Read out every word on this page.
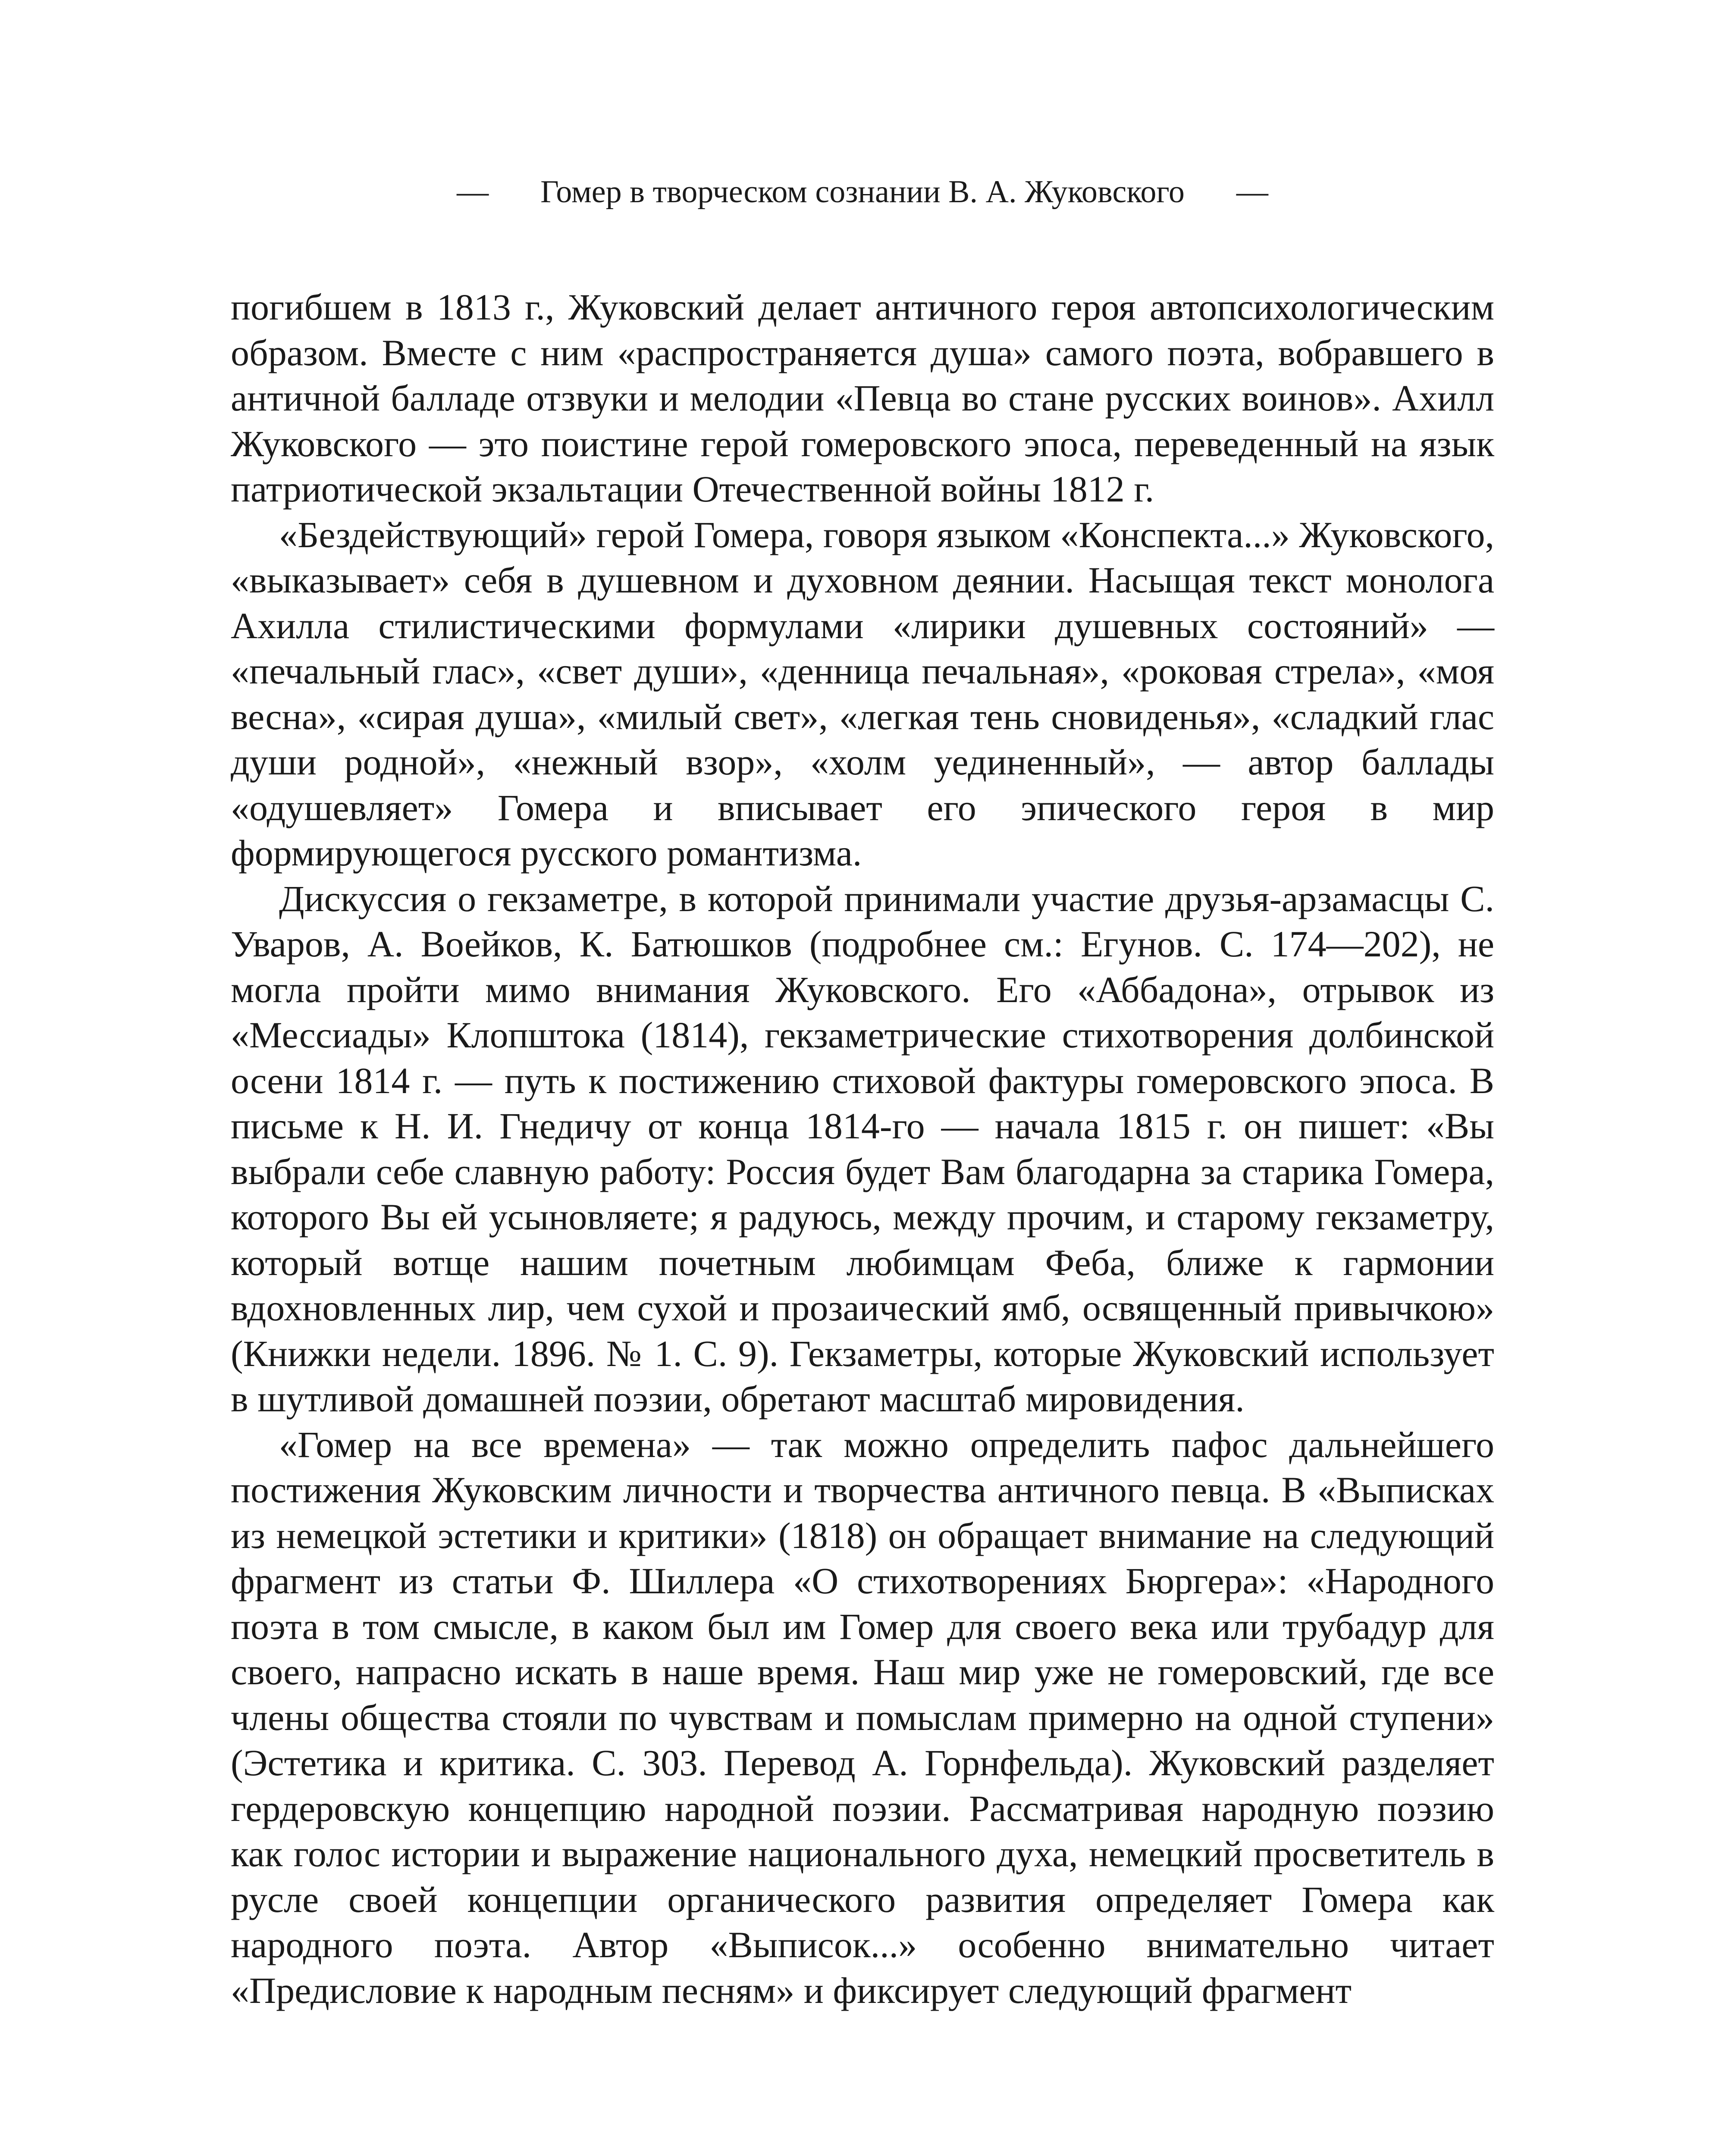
— Гомер в творческом сознании В. А. Жуковского —

погибшем в 1813 г., Жуковский делает античного героя автопсихологическим образом. Вместе с ним «распространяется душа» самого поэта, вобравшего в античной балладе отзвуки и мелодии «Певца во стане русских воинов». Ахилл Жуковского — это поистине герой гомеровского эпоса, переведенный на язык патриотической экзальтации Отечественной войны 1812 г.

«Бездействующий» герой Гомера, говоря языком «Конспекта...» Жуковского, «выказывает» себя в душевном и духовном деянии. Насыщая текст монолога Ахилла стилистическими формулами «лирики душевных состояний» — «печальный глас», «свет души», «денница печальная», «роковая стрела», «моя весна», «сирая душа», «милый свет», «легкая тень сновиденья», «сладкий глас души родной», «нежный взор», «холм уединенный», — автор баллады «одушевляет» Гомера и вписывает его эпического героя в мир формирующегося русского романтизма.

Дискуссия о гекзаметре, в которой принимали участие друзья-арзамасцы С. Уваров, А. Воейков, К. Батюшков (подробнее см.: Егунов. С. 174—202), не могла пройти мимо внимания Жуковского. Его «Аббадона», отрывок из «Мессиады» Клопштока (1814), гекзаметрические стихотворения долбинской осени 1814 г. — путь к постижению стиховой фактуры гомеровского эпоса. В письме к Н. И. Гнедичу от конца 1814-го — начала 1815 г. он пишет: «Вы выбрали себе славную работу: Россия будет Вам благодарна за старика Гомера, которого Вы ей усыновляете; я радуюсь, между прочим, и старому гекзаметру, который вотще нашим почетным любимцам Феба, ближе к гармонии вдохновленных лир, чем сухой и прозаический ямб, освященный привычкою» (Книжки недели. 1896. № 1. С. 9). Гекзаметры, которые Жуковский использует в шутливой домашней поэзии, обретают масштаб мировидения.

«Гомер на все времена» — так можно определить пафос дальнейшего постижения Жуковским личности и творчества античного певца. В «Выписках из немецкой эстетики и критики» (1818) он обращает внимание на следующий фрагмент из статьи Ф. Шиллера «О стихотворениях Бюргера»: «Народного поэта в том смысле, в каком был им Гомер для своего века или трубадур для своего, напрасно искать в наше время. Наш мир уже не гомеровский, где все члены общества стояли по чувствам и помыслам примерно на одной ступени» (Эстетика и критика. С. 303. Перевод А. Горнфельда). Жуковский разделяет гердеровскую концепцию народной поэзии. Рассматривая народную поэзию как голос истории и выражение национального духа, немецкий просветитель в русле своей концепции органического развития определяет Гомера как народного поэта. Автор «Выписок...» особенно внимательно читает «Предисловие к народным песням» и фиксирует следующий фрагмент
